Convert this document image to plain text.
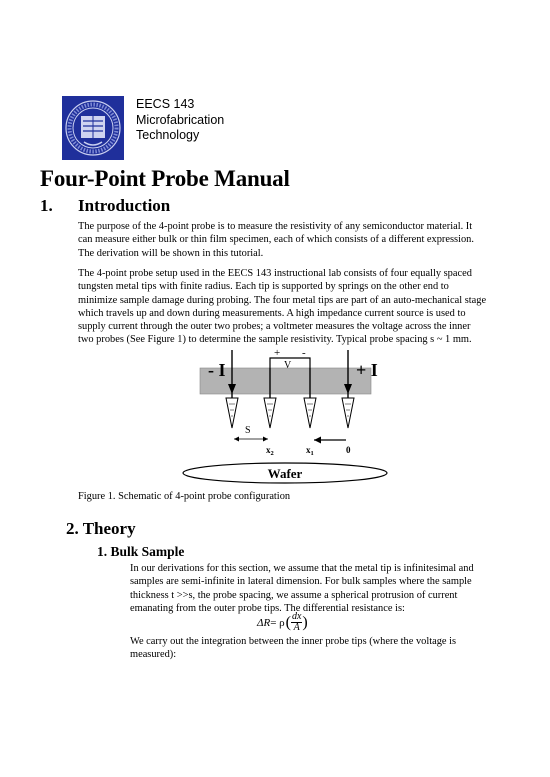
EECS 143
Microfabrication
Technology
Four-Point Probe Manual
1. Introduction
The purpose of the 4-point probe is to measure the resistivity of any semiconductor material. It can measure either bulk or thin film specimen, each of which consists of a different expression. The derivation will be shown in this tutorial.
The 4-point probe setup used in the EECS 143 instructional lab consists of four equally spaced tungsten metal tips with finite radius. Each tip is supported by springs on the other end to minimize sample damage during probing. The four metal tips are part of an auto-mechanical stage which travels up and down during measurements. A high impedance current source is used to supply current through the outer two probes; a voltmeter measures the voltage across the inner two probes (See Figure 1) to determine the sample resistivity. Typical probe spacing s ~ 1 mm.
- I	+ I
+ -
V
S
$x_2$	$x_1$	0
Wafer
Figure 1. Schematic of 4-point probe configuration
2. Theory
1. Bulk Sample
In our derivations for this section, we assume that the metal tip is infinitesimal and samples are semi-infinite in lateral dimension. For bulk samples where the sample thickness t >>s, the probe spacing, we assume a spherical protrusion of current emanating from the outer probe tips. The differential resistance is:
ΔR = ρ ( $\frac{dx}{A}$ )
We carry out the integration between the inner probe tips (where the voltage is measured):
